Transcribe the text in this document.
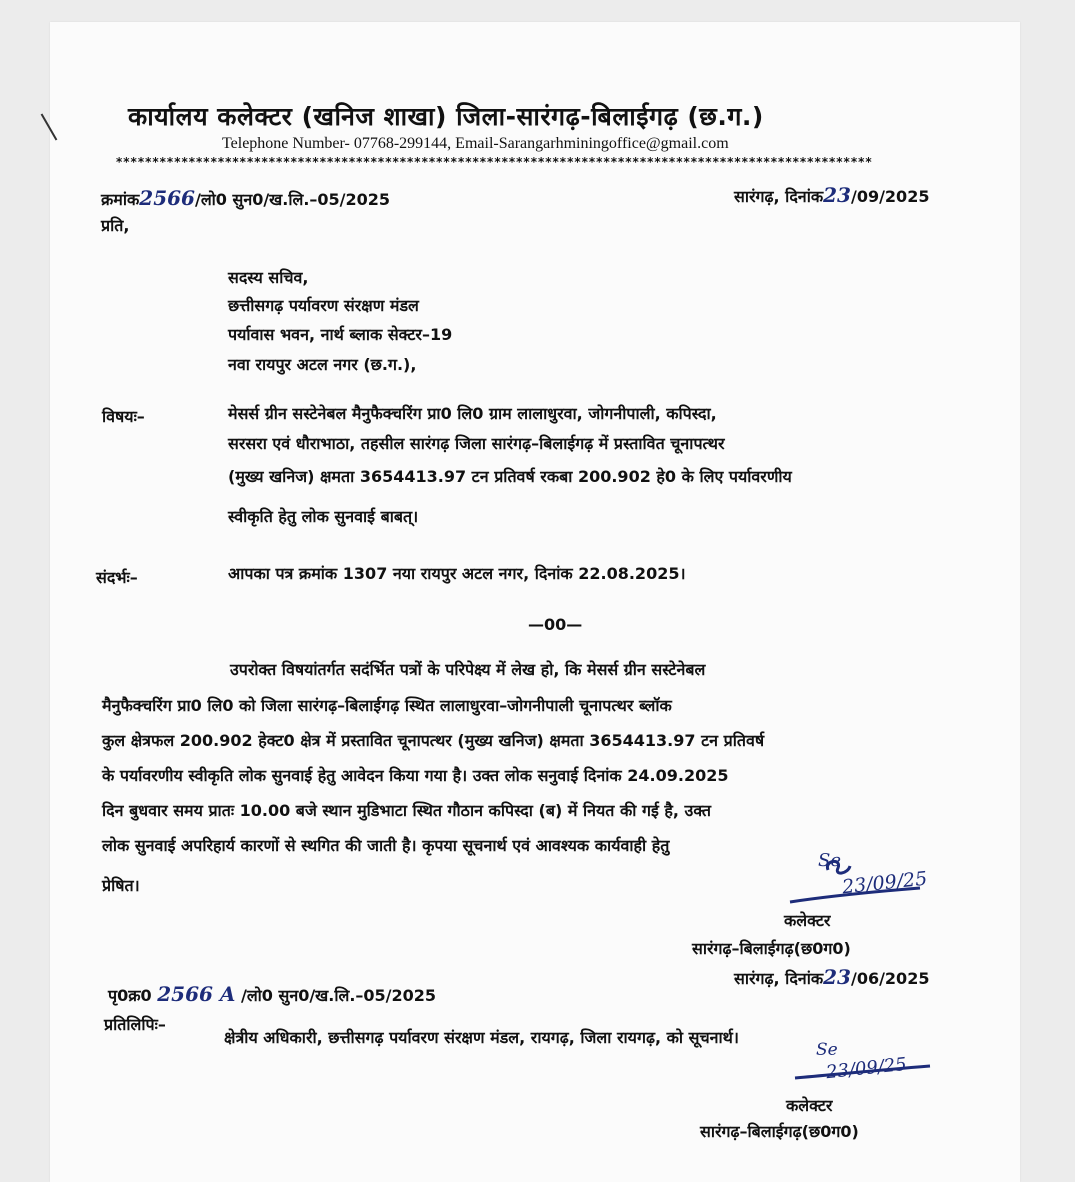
कार्यालय कलेक्टर (खनिज शाखा) जिला-सारंगढ़-बिलाईगढ़ (छ.ग.)
Telephone Number- 07768-299144, Email-Sarangarhminingoffice@gmail.com
********************************************************************************************************
क्रमांक2566/लो0 सुन0/ख.लि.–05/2025	सारंगढ़, दिनांक23/09/2025
प्रति,
सदस्य सचिव,
छत्तीसगढ़ पर्यावरण संरक्षण मंडल
पर्यावास भवन, नार्थ ब्लाक सेक्टर–19
नवा रायपुर अटल नगर (छ.ग.),
विषयः–	मेसर्स ग्रीन सस्टेनेबल मैनुफैक्चरिंग प्रा0 लि0 ग्राम लालाधुरवा, जोगनीपाली, कपिस्दा,
सरसरा एवं धौराभाठा, तहसील सारंगढ़ जिला सारंगढ़–बिलाईगढ़ में प्रस्तावित चूनापत्थर
(मुख्य खनिज) क्षमता 3654413.97 टन प्रतिवर्ष रकबा 200.902 हे0 के लिए पर्यावरणीय
स्वीकृति हेतु लोक सुनवाई बाबत्।
संदर्भः–	आपका पत्र क्रमांक 1307 नया रायपुर अटल नगर, दिनांक 22.08.2025।
—00—
उपरोक्त विषयांतर्गत सदंर्भित पत्रों के परिपेक्ष्य में लेख हो, कि मेसर्स ग्रीन सस्टेनेबल
मैनुफैक्चरिंग प्रा0 लि0 को जिला सारंगढ़–बिलाईगढ़ स्थित लालाधुरवा–जोगनीपाली चूनापत्थर ब्लॉक
कुल क्षेत्रफल 200.902 हेक्ट0 क्षेत्र में प्रस्तावित चूनापत्थर (मुख्य खनिज) क्षमता 3654413.97 टन प्रतिवर्ष
के पर्यावरणीय स्वीकृति लोक सुनवाई हेतु आवेदन किया गया है। उक्त लोक सनुवाई दिनांक 24.09.2025
दिन बुधवार समय प्रातः 10.00 बजे स्थान मुडिभाटा स्थित गौठान कपिस्दा (ब) में नियत की गई है, उक्त
लोक सुनवाई अपरिहार्य कारणों से स्थगित की जाती है। कृपया सूचनार्थ एवं आवश्यक कार्यवाही हेतु
प्रेषित।
Se
23/09/25
कलेक्टर
सारंगढ़–बिलाईगढ़(छ0ग0)
सारंगढ़, दिनांक23/06/2025
पृ0क्र0 2566 A /लो0 सुन0/ख.लि.–05/2025
प्रतिलिपिः–
क्षेत्रीय अधिकारी, छत्तीसगढ़ पर्यावरण संरक्षण मंडल, रायगढ़, जिला रायगढ़, को सूचनार्थ।
Se
23/09/25
कलेक्टर
सारंगढ़–बिलाईगढ़(छ0ग0)
